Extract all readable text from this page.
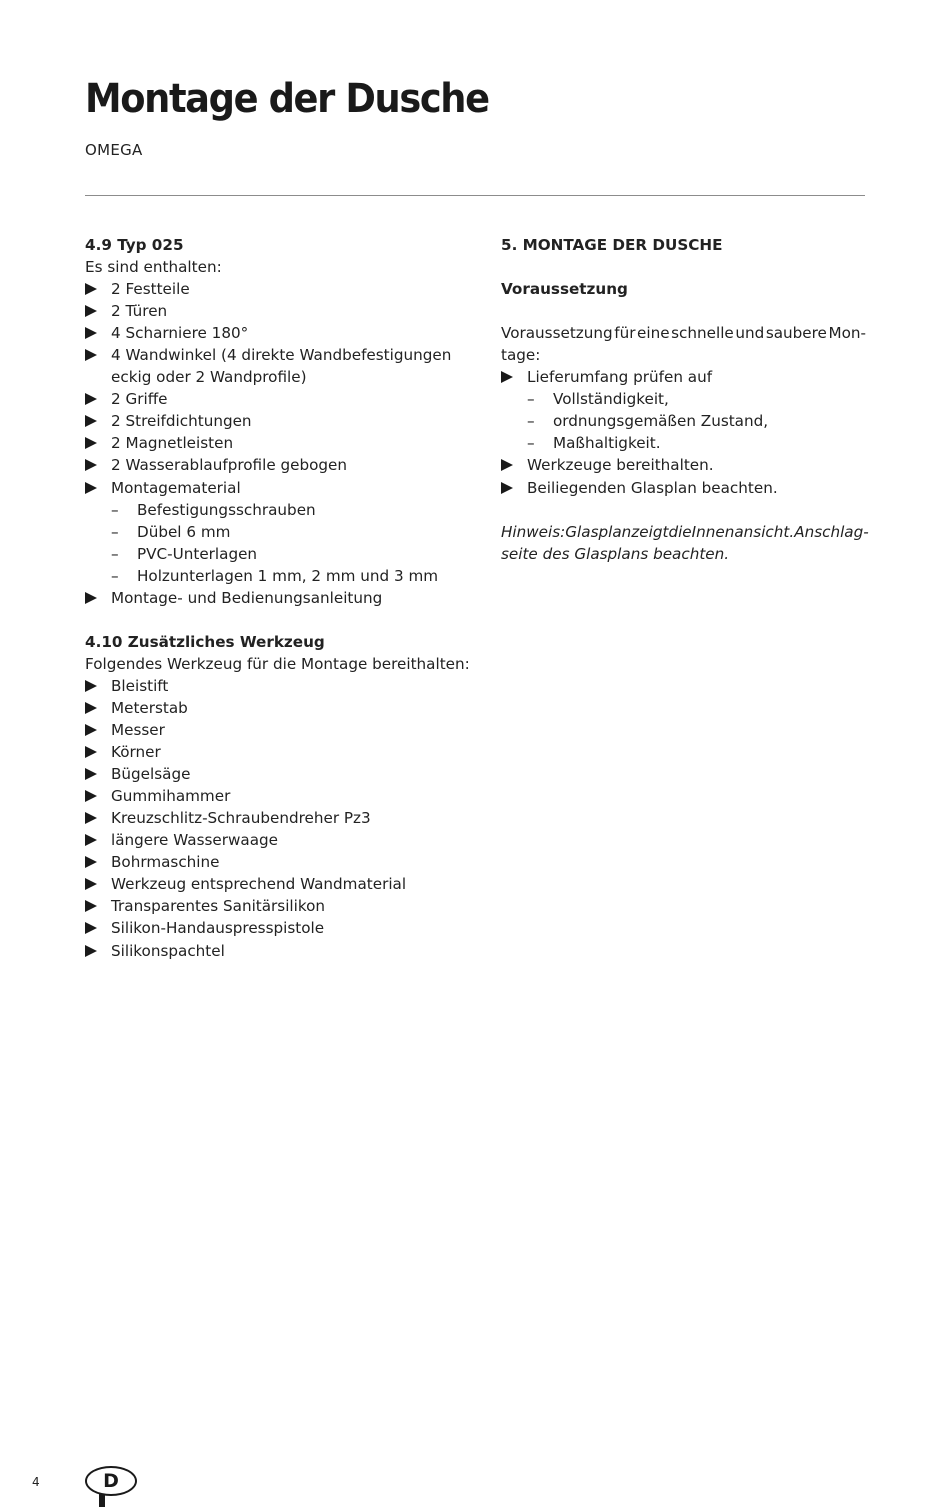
Montage der Dusche
OMEGA
4.9 Typ 025
Es sind enthalten:
2 Festteile
2 Türen
4 Scharniere 180°
4 Wandwinkel (4 direkte Wandbefestigungen
eckig oder 2 Wandprofile)
2 Griffe
2 Streifdichtungen
2 Magnetleisten
2 Wasserablaufprofile gebogen
Montagematerial
– Befestigungsschrauben
– Dübel 6 mm
– PVC-Unterlagen
– Holzunterlagen 1 mm, 2 mm und 3 mm
Montage- und Bedienungsanleitung
4.10 Zusätzliches Werkzeug
Folgendes Werkzeug für die Montage bereithalten:
Bleistift
Meterstab
Messer
Körner
Bügelsäge
Gummihammer
Kreuzschlitz-Schraubendreher Pz3
längere Wasserwaage
Bohrmaschine
Werkzeug entsprechend Wandmaterial
Transparentes Sanitärsilikon
Silikon-Handauspresspistole
Silikonspachtel
5. MONTAGE DER DUSCHE
Voraussetzung
Voraussetzung für eine schnelle und saubere Mon-
tage:
Lieferumfang prüfen auf
– Vollständigkeit,
– ordnungsgemäßen Zustand,
– Maßhaltigkeit.
Werkzeuge bereithalten.
Beiliegenden Glasplan beachten.
Hinweis: Glasplan zeigt die Innenansicht. Anschlag-
seite des Glasplans beachten.
4	D
